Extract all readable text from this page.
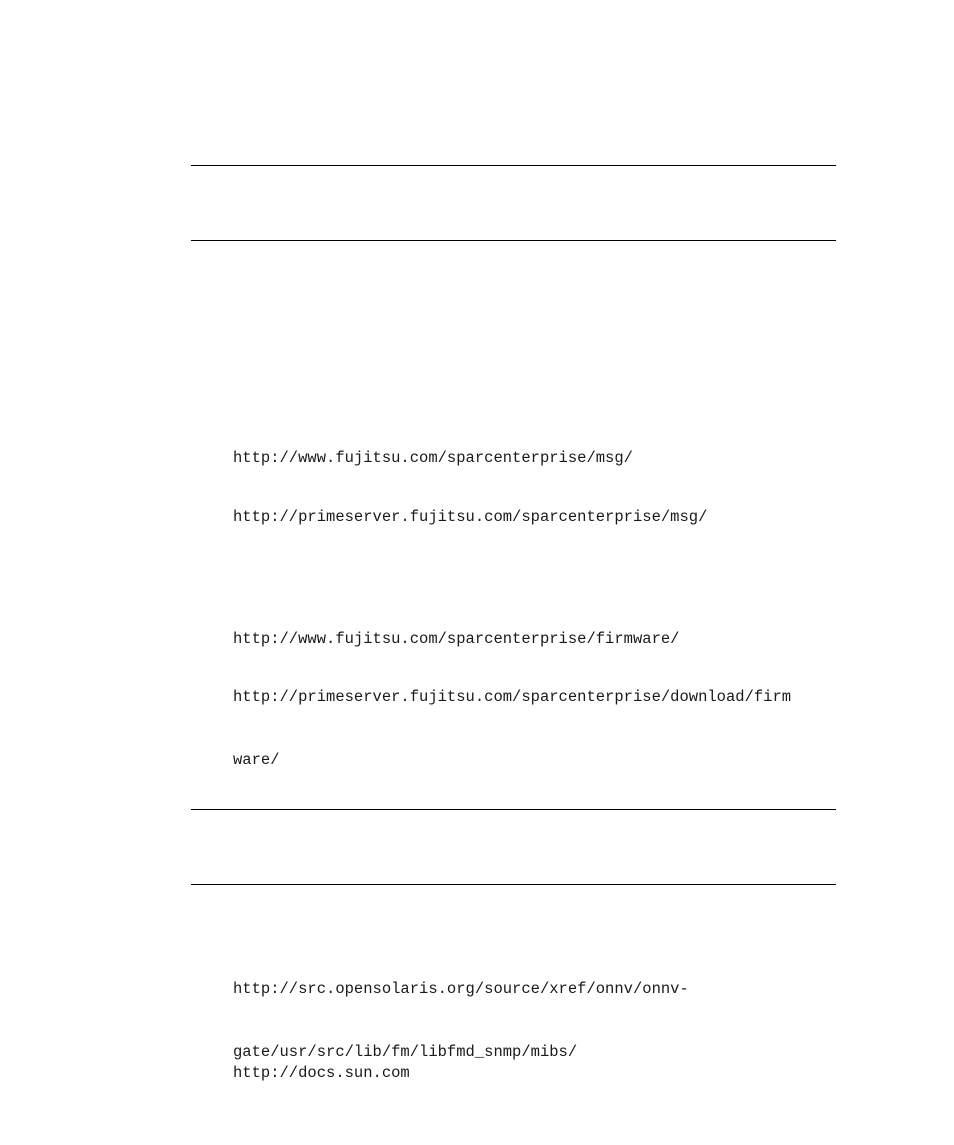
http://www.fujitsu.com/sparcenterprise/msg/

http://primeserver.fujitsu.com/sparcenterprise/msg/

http://www.fujitsu.com/sparcenterprise/firmware/

http://primeserver.fujitsu.com/sparcenterprise/download/firm

ware/

http://src.opensolaris.org/source/xref/onnv/onnv-

gate/usr/src/lib/fm/libfmd_snmp/mibs/

http://docs.sun.com
